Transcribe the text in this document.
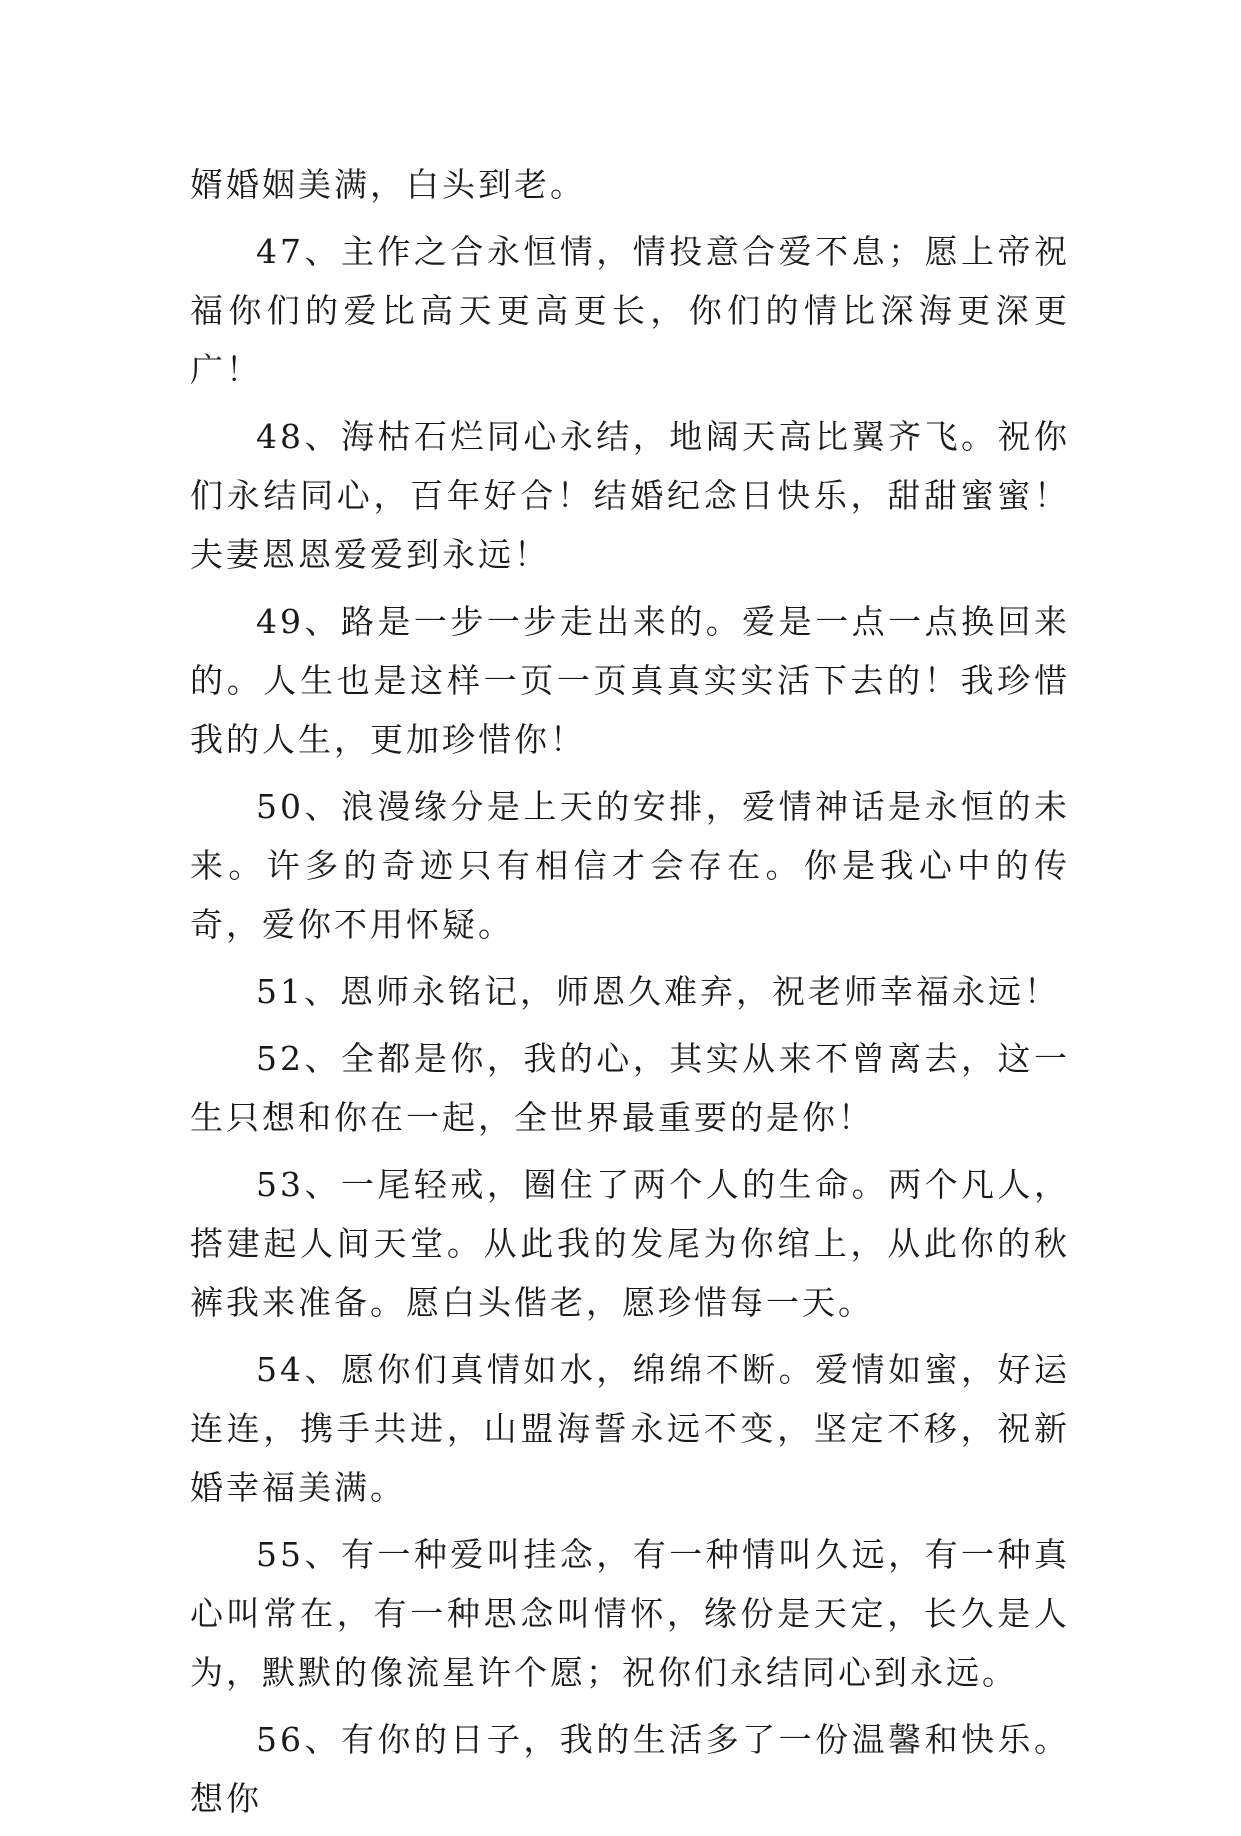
婿婚姻美满，白头到老。

47、主作之合永恒情，情投意合爱不息；愿上帝祝福你们的爱比高天更高更长，你们的情比深海更深更广！

48、海枯石烂同心永结，地阔天高比翼齐飞。祝你们永结同心，百年好合！结婚纪念日快乐，甜甜蜜蜜！夫妻恩恩爱爱到永远！

49、路是一步一步走出来的。爱是一点一点换回来的。人生也是这样一页一页真真实实活下去的！我珍惜我的人生，更加珍惜你！

50、浪漫缘分是上天的安排，爱情神话是永恒的未来。许多的奇迹只有相信才会存在。你是我心中的传奇，爱你不用怀疑。

51、恩师永铭记，师恩久难弃，祝老师幸福永远！

52、全都是你，我的心，其实从来不曾离去，这一生只想和你在一起，全世界最重要的是你！

53、一尾轻戒，圈住了两个人的生命。两个凡人，搭建起人间天堂。从此我的发尾为你绾上，从此你的秋裤我来准备。愿白头偕老，愿珍惜每一天。

54、愿你们真情如水，绵绵不断。爱情如蜜，好运连连，携手共进，山盟海誓永远不变，坚定不移，祝新婚幸福美满。

55、有一种爱叫挂念，有一种情叫久远，有一种真心叫常在，有一种思念叫情怀，缘份是天定，长久是人为，默默的像流星许个愿；祝你们永结同心到永远。

56、有你的日子，我的生活多了一份温馨和快乐。想你
